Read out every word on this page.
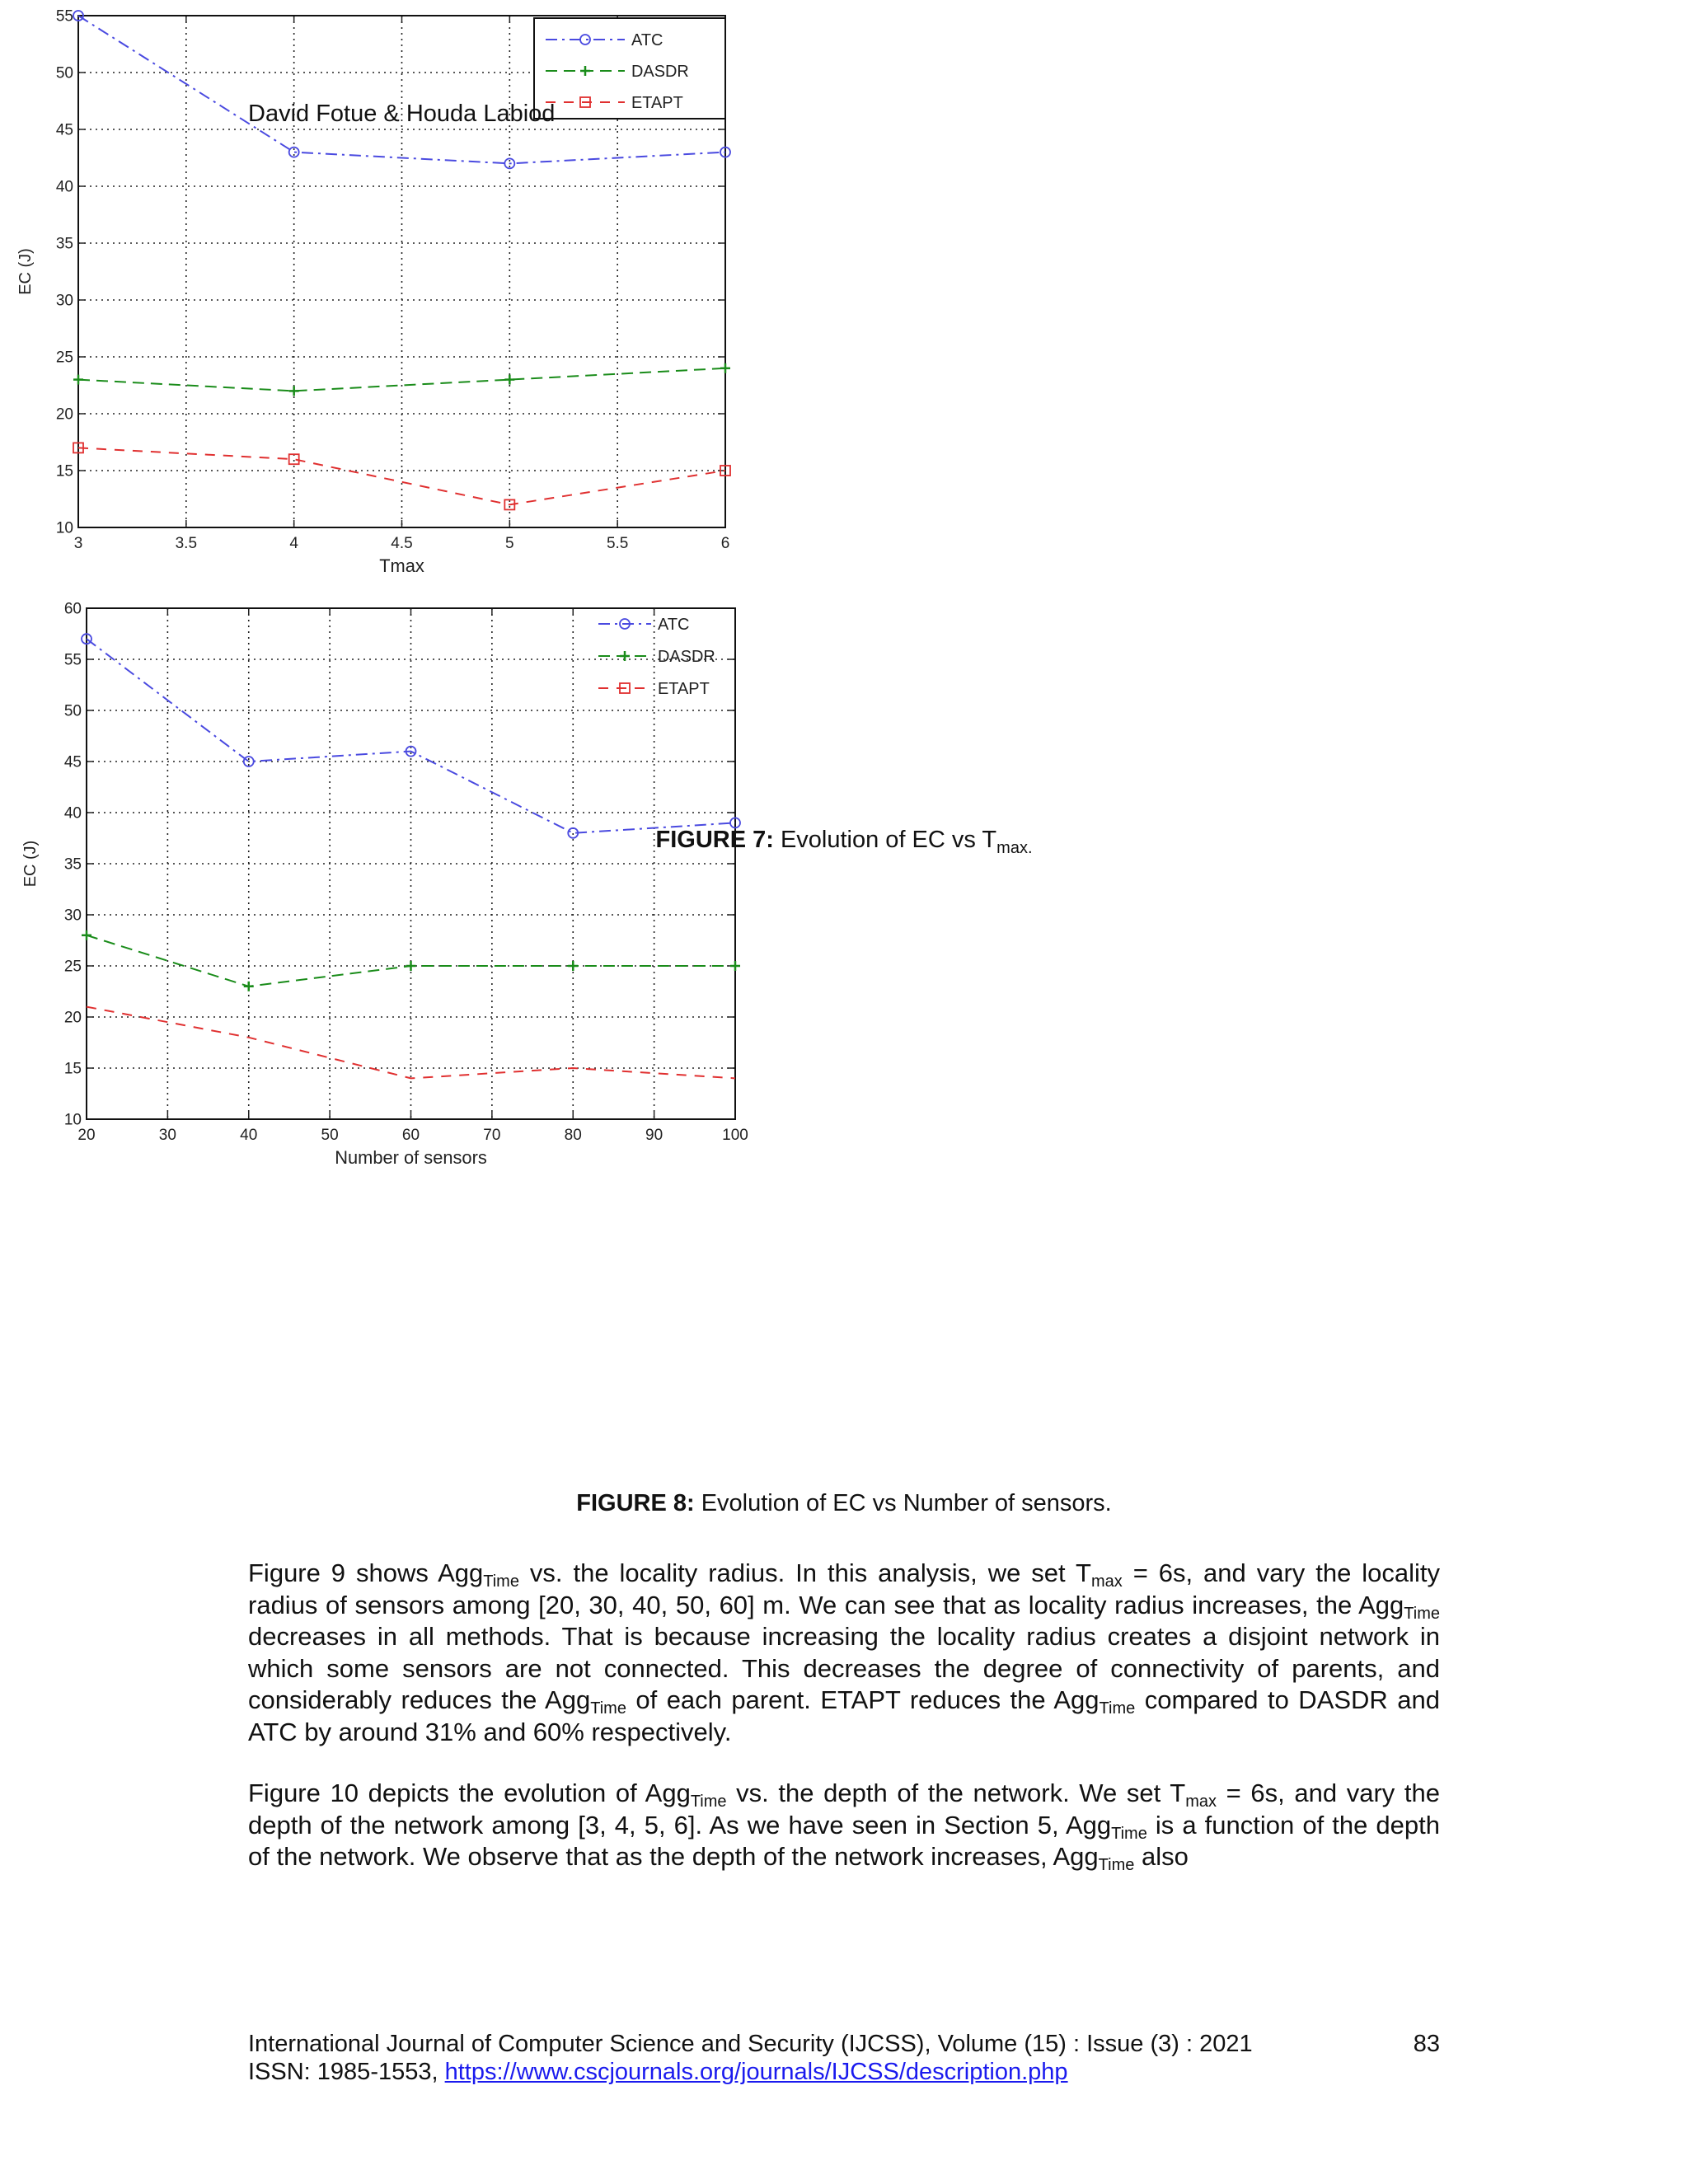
David Fotue & Houda Labiod
3	3.5	4	4.5	5	5.5	6
10
15
20
25
30
35
40
45
50
55
Tmax
EC (J)
ATC
DASDR
ETAPT
FIGURE 7: Evolution of EC vs $T_{max.}$
20	30	40	50	60	70	80	90	100
10
15
20
25
30
35
40
45
50
55
60
Number of sensors
EC (J)
ATC
DASDR
ETAPT
FIGURE 8: Evolution of EC vs Number of sensors.
Figure 9 shows Agg$_{Time}$ vs. the locality radius. In this analysis, we set $T_{max} = 6s$, and vary the locality radius of sensors among [20, 30, 40, 50, 60] m. We can see that as locality radius increases, the Agg$_{Time}$ decreases in all methods. That is because increasing the locality radius creates a disjoint network in which some sensors are not connected. This decreases the degree of connectivity of parents, and considerably reduces the Agg$_{Time}$ of each parent. ETAPT reduces the Agg$_{Time}$ compared to DASDR and ATC by around 31% and 60% respectively.
Figure 10 depicts the evolution of Agg$_{Time}$ vs. the depth of the network. We set $T_{max} = 6s$, and vary the depth of the network among [3, 4, 5, 6]. As we have seen in Section 5, Agg$_{Time}$ is a function of the depth of the network. We observe that as the depth of the network increases, Agg$_{Time}$ also
International Journal of Computer Science and Security (IJCSS), Volume (15) : Issue (3) : 2021	83
ISSN: 1985-1553, https://www.cscjournals.org/journals/IJCSS/description.php
